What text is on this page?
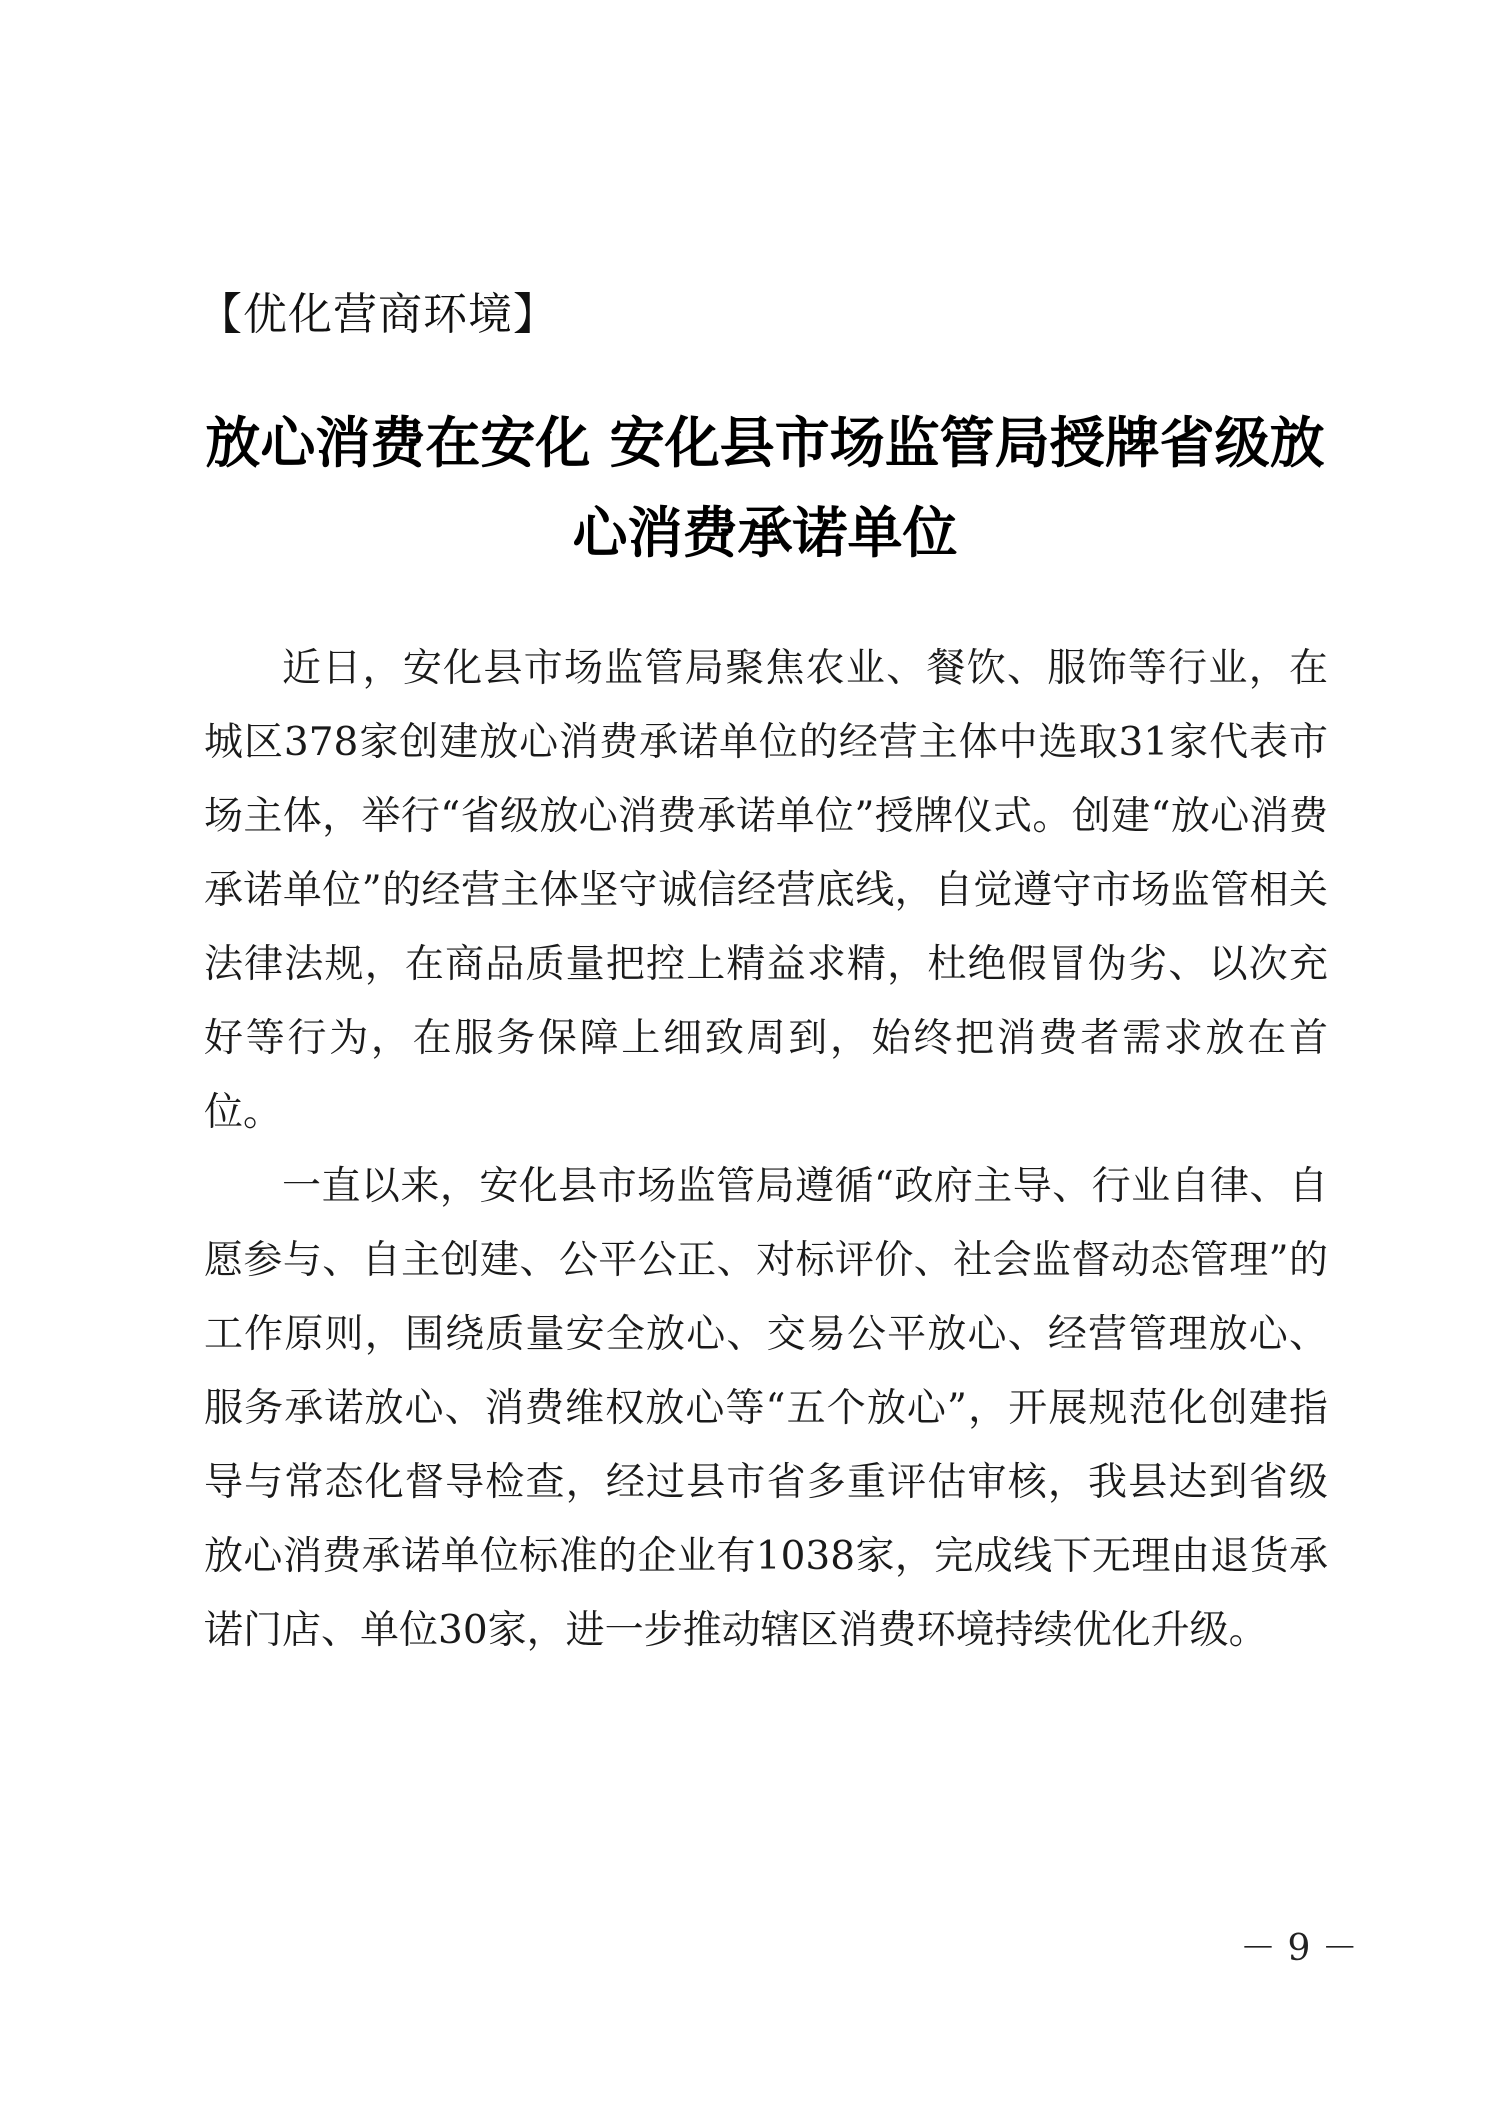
【优化营商环境】
放心消费在安化 安化县市场监管局授牌省级放
心消费承诺单位

近日，安化县市场监管局聚焦农业、餐饮、服饰等行业，在城区378家创建放心消费承诺单位的经营主体中选取31家代表市场主体，举行“省级放心消费承诺单位”授牌仪式。创建“放心消费承诺单位”的经营主体坚守诚信经营底线，自觉遵守市场监管相关法律法规，在商品质量把控上精益求精，杜绝假冒伪劣、以次充好等行为，在服务保障上细致周到，始终把消费者需求放在首位。

一直以来，安化县市场监管局遵循“政府主导、行业自律、自愿参与、自主创建、公平公正、对标评价、社会监督动态管理”的工作原则，围绕质量安全放心、交易公平放心、经营管理放心、服务承诺放心、消费维权放心等“五个放心”，开展规范化创建指导与常态化督导检查，经过县市省多重评估审核，我县达到省级放心消费承诺单位标准的企业有1038家，完成线下无理由退货承诺门店、单位30家，进一步推动辖区消费环境持续优化升级。

－ 9 －
